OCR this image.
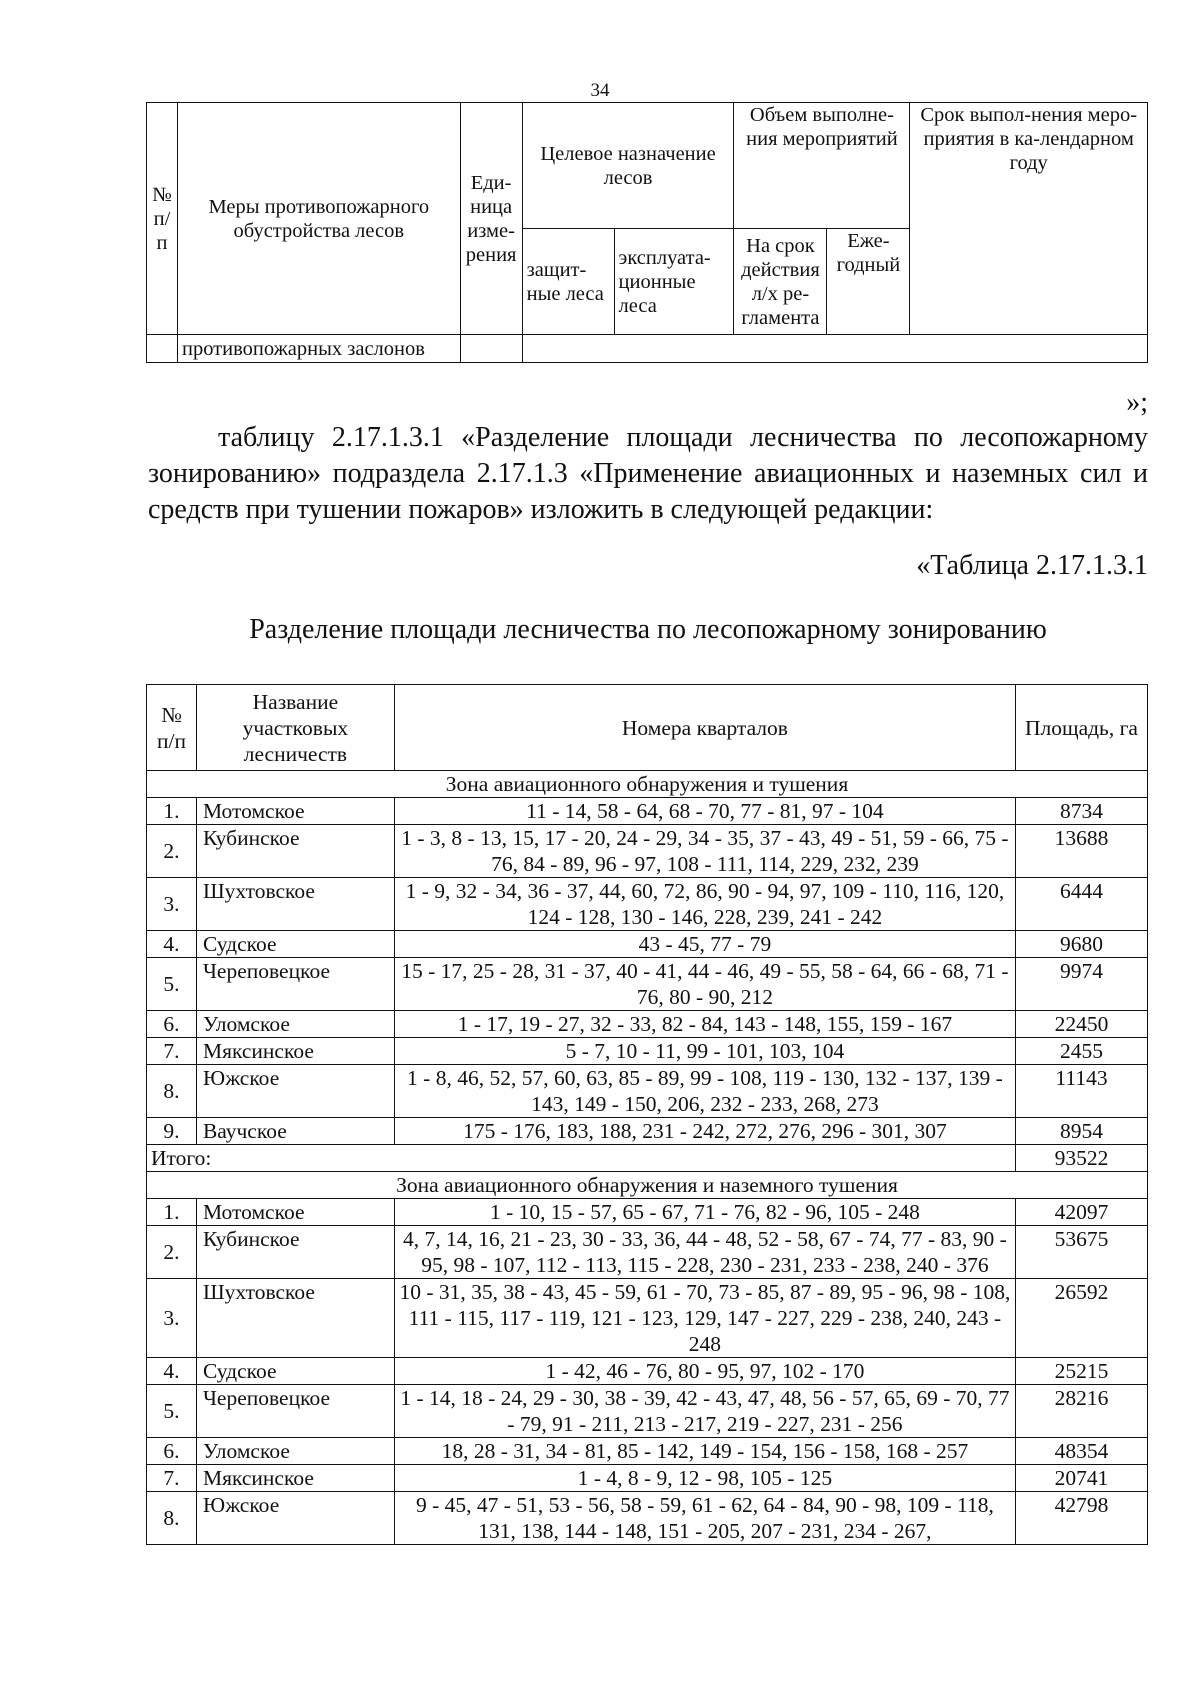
34
№ п/ п	Меры противопожарного обустройства лесов	Еди-ница изме-рения	Целевое назначение лесов		Объем выполне-ния мероприятий		Срок выпол-нения меро-приятия в ка-лендарном году
			защит-ные леса	эксплуата-ционные леса	На срок действия л/х ре-гламента	Еже-годный	
	противопожарных заслонов						
»;
таблицу 2.17.1.3.1 «Разделение площади лесничества по лесопожарному зонированию» подраздела 2.17.1.3 «Применение авиационных и наземных сил и средств при тушении пожаров» изложить в следующей редакции:
«Таблица 2.17.1.3.1
Разделение площади лесничества по лесопожарному зонированию
№ п/п	Название участковых лесничеств	Номера кварталов	Площадь, га
Зона авиационного обнаружения и тушения			
1.	Мотомское	11 - 14, 58 - 64, 68 - 70, 77 - 81, 97 - 104	8734
2.	Кубинское	1 - 3, 8 - 13, 15, 17 - 20, 24 - 29, 34 - 35, 37 - 43, 49 - 51, 59 - 66, 75 - 76, 84 - 89, 96 - 97, 108 - 111, 114, 229, 232, 239	13688
3.	Шухтовское	1 - 9, 32 - 34, 36 - 37, 44, 60, 72, 86, 90 - 94, 97, 109 - 110, 116, 120, 124 - 128, 130 - 146, 228, 239, 241 - 242	6444
4.	Судское	43 - 45, 77 - 79	9680
5.	Череповецкое	15 - 17, 25 - 28, 31 - 37, 40 - 41, 44 - 46, 49 - 55, 58 - 64, 66 - 68, 71 - 76, 80 - 90, 212	9974
6.	Уломское	1 - 17, 19 - 27, 32 - 33, 82 - 84, 143 - 148, 155, 159 - 167	22450
7.	Мяксинское	5 - 7, 10 - 11, 99 - 101, 103, 104	2455
8.	Южское	1 - 8, 46, 52, 57, 60, 63, 85 - 89, 99 - 108, 119 - 130, 132 - 137, 139 - 143, 149 - 150, 206, 232 - 233, 268, 273	11143
9.	Ваучское	175 - 176, 183, 188, 231 - 242, 272, 276, 296 - 301, 307	8954
Итого:			93522
Зона авиационного обнаружения и наземного тушения			
1.	Мотомское	1 - 10, 15 - 57, 65 - 67, 71 - 76, 82 - 96, 105 - 248	42097
2.	Кубинское	4, 7, 14, 16, 21 - 23, 30 - 33, 36, 44 - 48, 52 - 58, 67 - 74, 77 - 83, 90 - 95, 98 - 107, 112 - 113, 115 - 228, 230 - 231, 233 - 238, 240 - 376	53675
3.	Шухтовское	10 - 31, 35, 38 - 43, 45 - 59, 61 - 70, 73 - 85, 87 - 89, 95 - 96, 98 - 108, 111 - 115, 117 - 119, 121 - 123, 129, 147 - 227, 229 - 238, 240, 243 - 248	26592
4.	Судское	1 - 42, 46 - 76, 80 - 95, 97, 102 - 170	25215
5.	Череповецкое	1 - 14, 18 - 24, 29 - 30, 38 - 39, 42 - 43, 47, 48, 56 - 57, 65, 69 - 70, 77 - 79, 91 - 211, 213 - 217, 219 - 227, 231 - 256	28216
6.	Уломское	18, 28 - 31, 34 - 81, 85 - 142, 149 - 154, 156 - 158, 168 - 257	48354
7.	Мяксинское	1 - 4, 8 - 9, 12 - 98, 105 - 125	20741
8.	Южское	9 - 45, 47 - 51, 53 - 56, 58 - 59, 61 - 62, 64 - 84, 90 - 98, 109 - 118, 131, 138, 144 - 148, 151 - 205, 207 - 231, 234 - 267,	42798
